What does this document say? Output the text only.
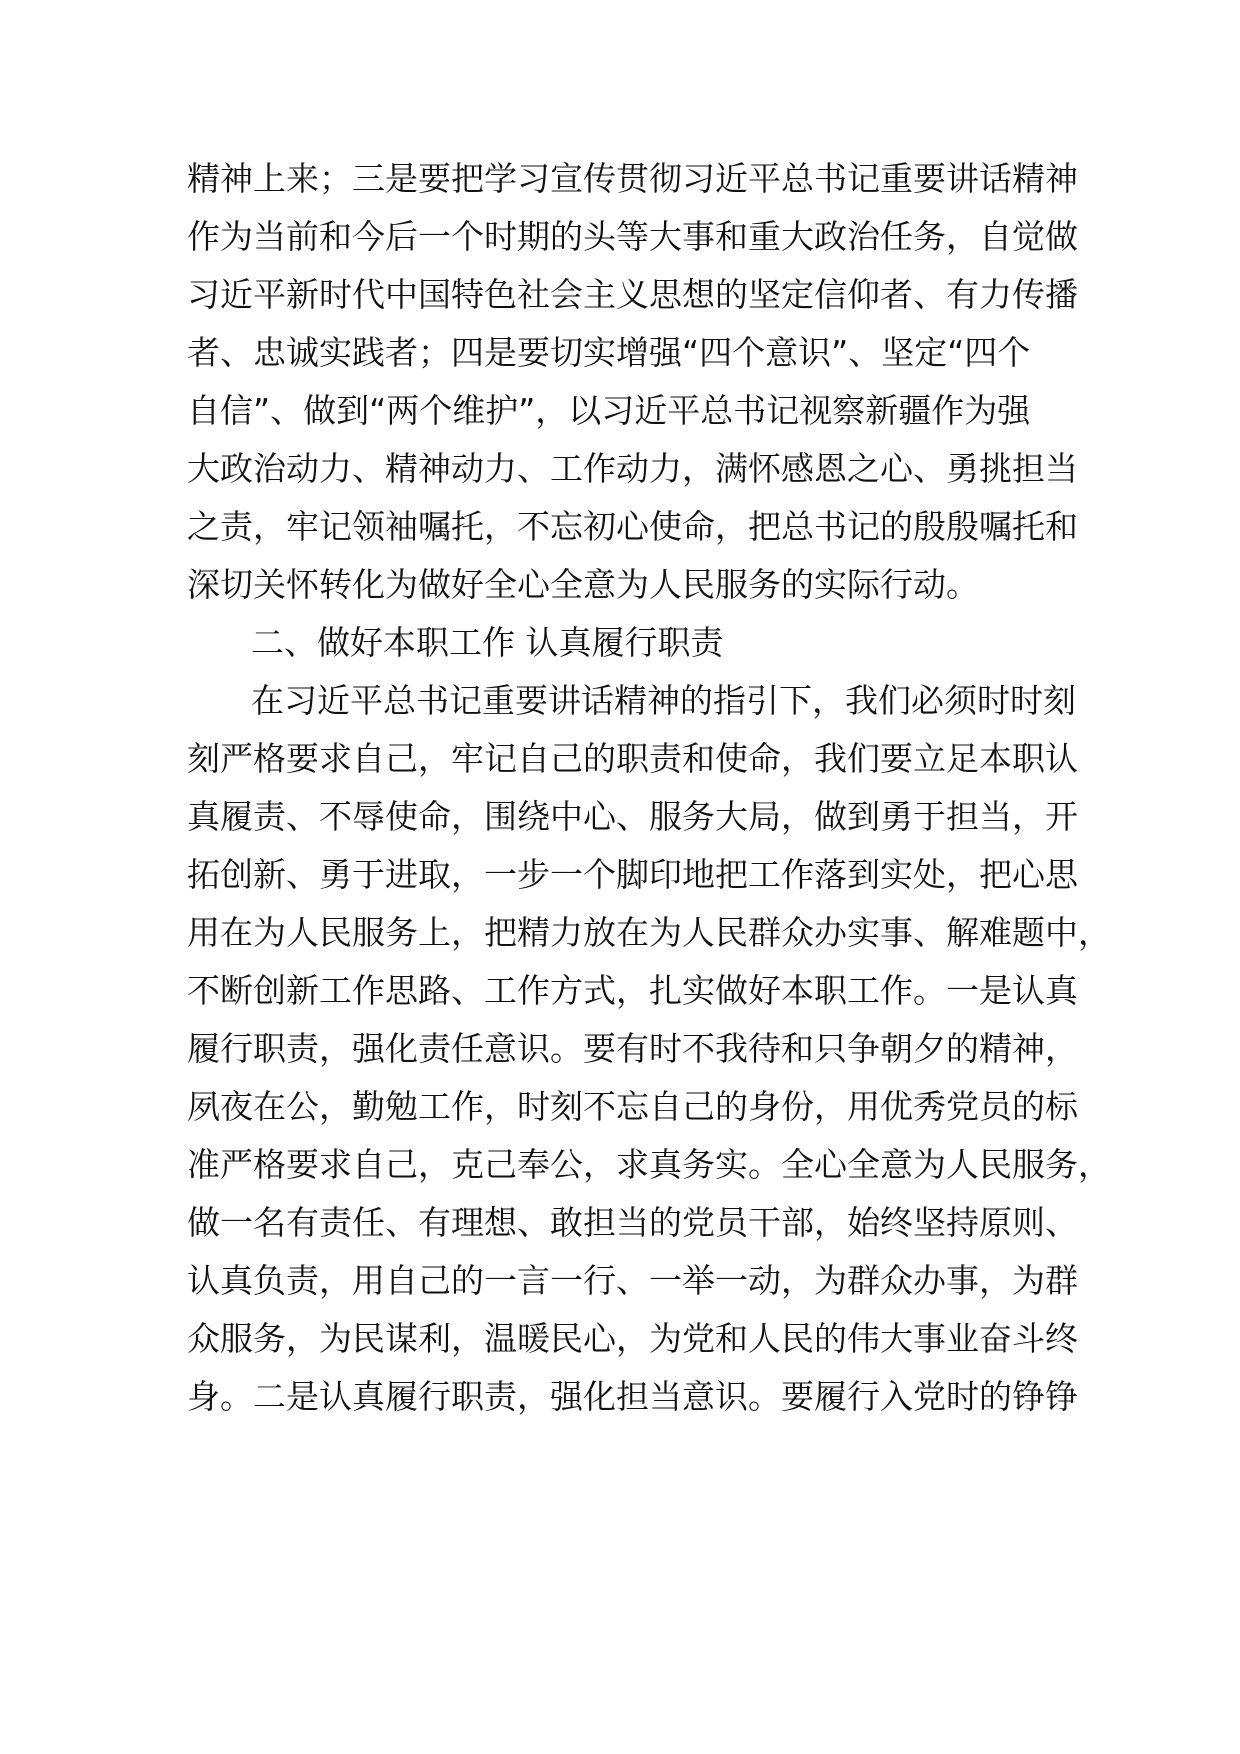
精神上来；三是要把学习宣传贯彻习近平总书记重要讲话精神
作为当前和今后一个时期的头等大事和重大政治任务，自觉做
习近平新时代中国特色社会主义思想的坚定信仰者、有力传播
者、忠诚实践者；四是要切实增强“四个意识”、坚定“四个
自信”、做到“两个维护”，以习近平总书记视察新疆作为强
大政治动力、精神动力、工作动力，满怀感恩之心、勇挑担当
之责，牢记领袖嘱托，不忘初心使命，把总书记的殷殷嘱托和
深切关怀转化为做好全心全意为人民服务的实际行动。
二、做好本职工作 认真履行职责
在习近平总书记重要讲话精神的指引下，我们必须时时刻
刻严格要求自己，牢记自己的职责和使命，我们要立足本职认
真履责、不辱使命，围绕中心、服务大局，做到勇于担当，开
拓创新、勇于进取，一步一个脚印地把工作落到实处，把心思
用在为人民服务上，把精力放在为人民群众办实事、解难题中，
不断创新工作思路、工作方式，扎实做好本职工作。一是认真
履行职责，强化责任意识。要有时不我待和只争朝夕的精神，
夙夜在公，勤勉工作，时刻不忘自己的身份，用优秀党员的标
准严格要求自己，克己奉公，求真务实。全心全意为人民服务，
做一名有责任、有理想、敢担当的党员干部，始终坚持原则、
认真负责，用自己的一言一行、一举一动，为群众办事，为群
众服务，为民谋利，温暖民心，为党和人民的伟大事业奋斗终
身。二是认真履行职责，强化担当意识。要履行入党时的铮铮
